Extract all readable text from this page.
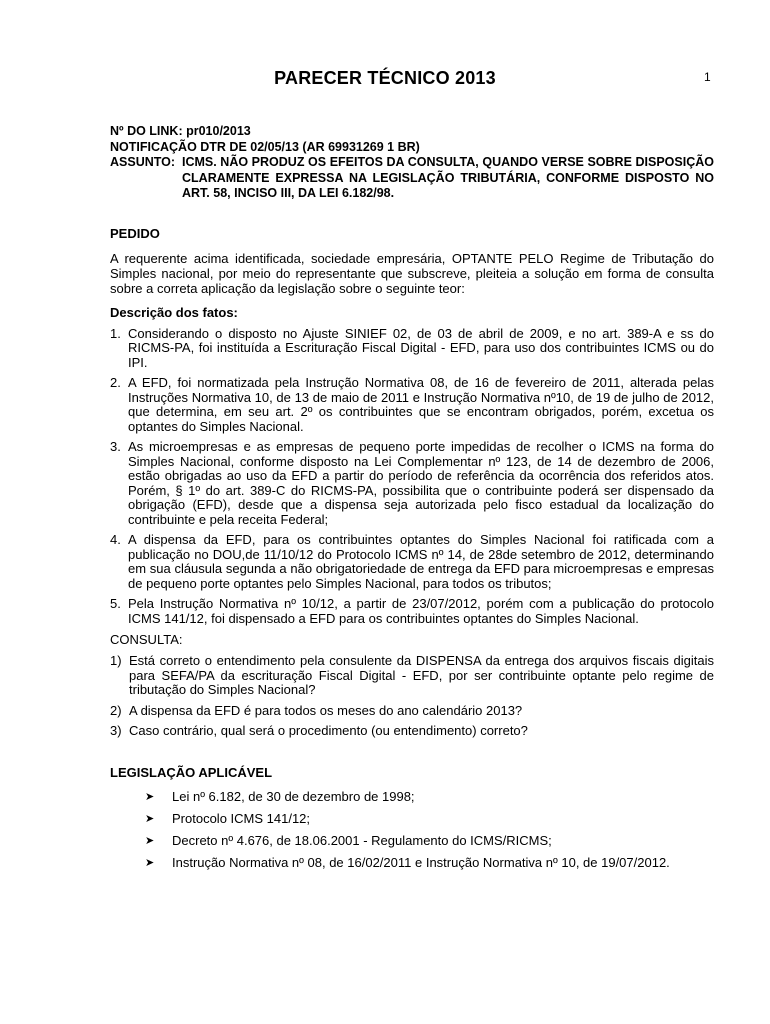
PARECER TÉCNICO 2013	1
Nº DO LINK: pr010/2013
NOTIFICAÇÃO DTR DE 02/05/13 (AR 69931269 1 BR)
ASSUNTO: ICMS. NÃO PRODUZ OS EFEITOS DA CONSULTA, QUANDO VERSE SOBRE DISPOSIÇÃO CLARAMENTE EXPRESSA NA LEGISLAÇÃO TRIBUTÁRIA, CONFORME DISPOSTO NO ART. 58, INCISO III, DA LEI 6.182/98.
PEDIDO

A requerente acima identificada, sociedade empresária, OPTANTE PELO Regime de Tributação do Simples nacional, por meio do representante que subscreve, pleiteia a solução em forma de consulta sobre a correta aplicação da legislação sobre o seguinte teor:

Descrição dos fatos:
1. Considerando o disposto no Ajuste SINIEF 02, de 03 de abril de 2009, e no art. 389-A e ss do RICMS-PA, foi instituída a Escrituração Fiscal Digital - EFD, para uso dos contribuintes ICMS ou do IPI.
2. A EFD, foi normatizada pela Instrução Normativa 08, de 16 de fevereiro de 2011, alterada pelas Instruções Normativa 10, de 13 de maio de 2011 e Instrução Normativa nº10, de 19 de julho de 2012, que determina, em seu art. 2º os contribuintes que se encontram obrigados, porém, excetua os optantes do Simples Nacional.
3. As microempresas e as empresas de pequeno porte impedidas de recolher o ICMS na forma do Simples Nacional, conforme disposto na Lei Complementar nº 123, de 14 de dezembro de 2006, estão obrigadas ao uso da EFD a partir do período de referência da ocorrência dos referidos atos. Porém, § 1º do art. 389-C do RICMS-PA, possibilita que o contribuinte poderá ser dispensado da obrigação (EFD), desde que a dispensa seja autorizada pelo fisco estadual da localização do contribuinte e pela receita Federal;
4. A dispensa da EFD, para os contribuintes optantes do Simples Nacional foi ratificada com a publicação no DOU,de 11/10/12 do Protocolo ICMS nº 14, de 28de setembro de 2012, determinando em sua cláusula segunda a não obrigatoriedade de entrega da EFD para microempresas e empresas de pequeno porte optantes pelo Simples Nacional, para todos os tributos;
5. Pela Instrução Normativa nº 10/12, a partir de 23/07/2012, porém com a publicação do protocolo ICMS 141/12, foi dispensado a EFD para os contribuintes optantes do Simples Nacional.
CONSULTA:
1) Está correto o entendimento pela consulente da DISPENSA da entrega dos arquivos fiscais digitais para SEFA/PA da escrituração Fiscal Digital - EFD, por ser contribuinte optante pelo regime de tributação do Simples Nacional?
2) A dispensa da EFD é para todos os meses do ano calendário 2013?
3) Caso contrário, qual será o procedimento (ou entendimento) correto?
LEGISLAÇÃO APLICÁVEL
➤	Lei nº 6.182, de 30 de dezembro de 1998;
➤	Protocolo ICMS 141/12;
➤	Decreto nº 4.676, de 18.06.2001 - Regulamento do ICMS/RICMS;
➤	Instrução Normativa nº 08, de 16/02/2011 e Instrução Normativa nº 10, de 19/07/2012.
